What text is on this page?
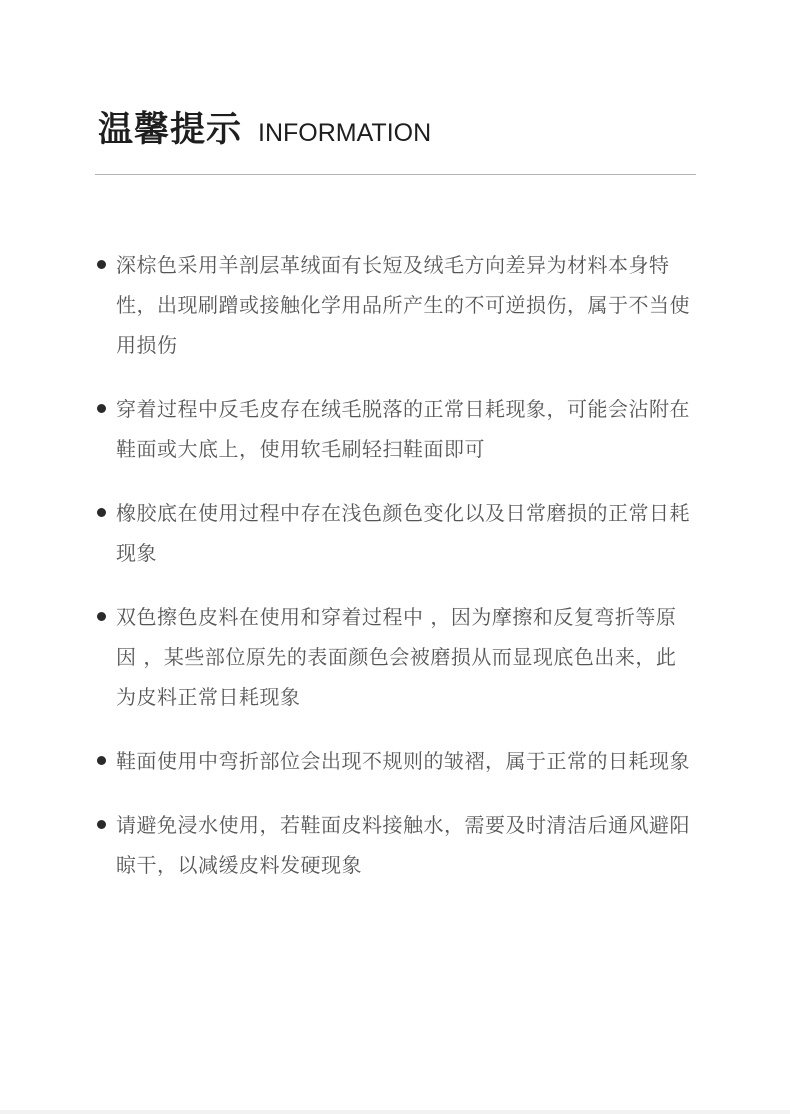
温馨提示 INFORMATION
深棕色采用羊剖层革绒面有长短及绒毛方向差异为材料本身特性，出现刷蹭或接触化学用品所产生的不可逆损伤，属于不当使用损伤
穿着过程中反毛皮存在绒毛脱落的正常日耗现象，可能会沾附在鞋面或大底上，使用软毛刷轻扫鞋面即可
橡胶底在使用过程中存在浅色颜色变化以及日常磨损的正常日耗现象
双色擦色皮料在使用和穿着过程中 ，因为摩擦和反复弯折等原因 ，某些部位原先的表面颜色会被磨损从而显现底色出来，此为皮料正常日耗现象
鞋面使用中弯折部位会出现不规则的皱褶，属于正常的日耗现象
请避免浸水使用，若鞋面皮料接触水，需要及时清洁后通风避阳晾干，以减缓皮料发硬现象
